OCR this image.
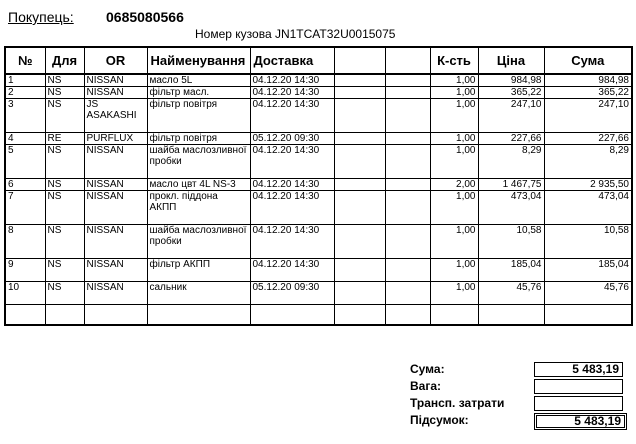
Покупець: 0685080566
Номер кузова JN1TCAT32U0015075
№	Для	OR	Найменування	Доставка			К-сть	Ціна	Сума
1	NS	NISSAN	масло 5L	04.12.20 14:30			1,00	984,98	984,98
2	NS	NISSAN	фільтр масл.	04.12.20 14:30			1,00	365,22	365,22
3	NS	JS ASAKASHI	фільтр повітря	04.12.20 14:30			1,00	247,10	247,10
4	RE	PURFLUX	фільтр повітря	05.12.20 09:30			1,00	227,66	227,66
5	NS	NISSAN	шайба маслозливної пробки	04.12.20 14:30			1,00	8,29	8,29
6	NS	NISSAN	масло цвт 4L NS-3	04.12.20 14:30			2,00	1 467,75	2 935,50
7	NS	NISSAN	прокл. піддона АКПП	04.12.20 14:30			1,00	473,04	473,04
8	NS	NISSAN	шайба маслозливної пробки	04.12.20 14:30			1,00	10,58	10,58
9	NS	NISSAN	фільтр АКПП	04.12.20 14:30			1,00	185,04	185,04
10	NS	NISSAN	сальник	05.12.20 09:30			1,00	45,76	45,76

Сума:	5 483,19
Вага:
Трансп. затрати
Підсумок:	5 483,19
